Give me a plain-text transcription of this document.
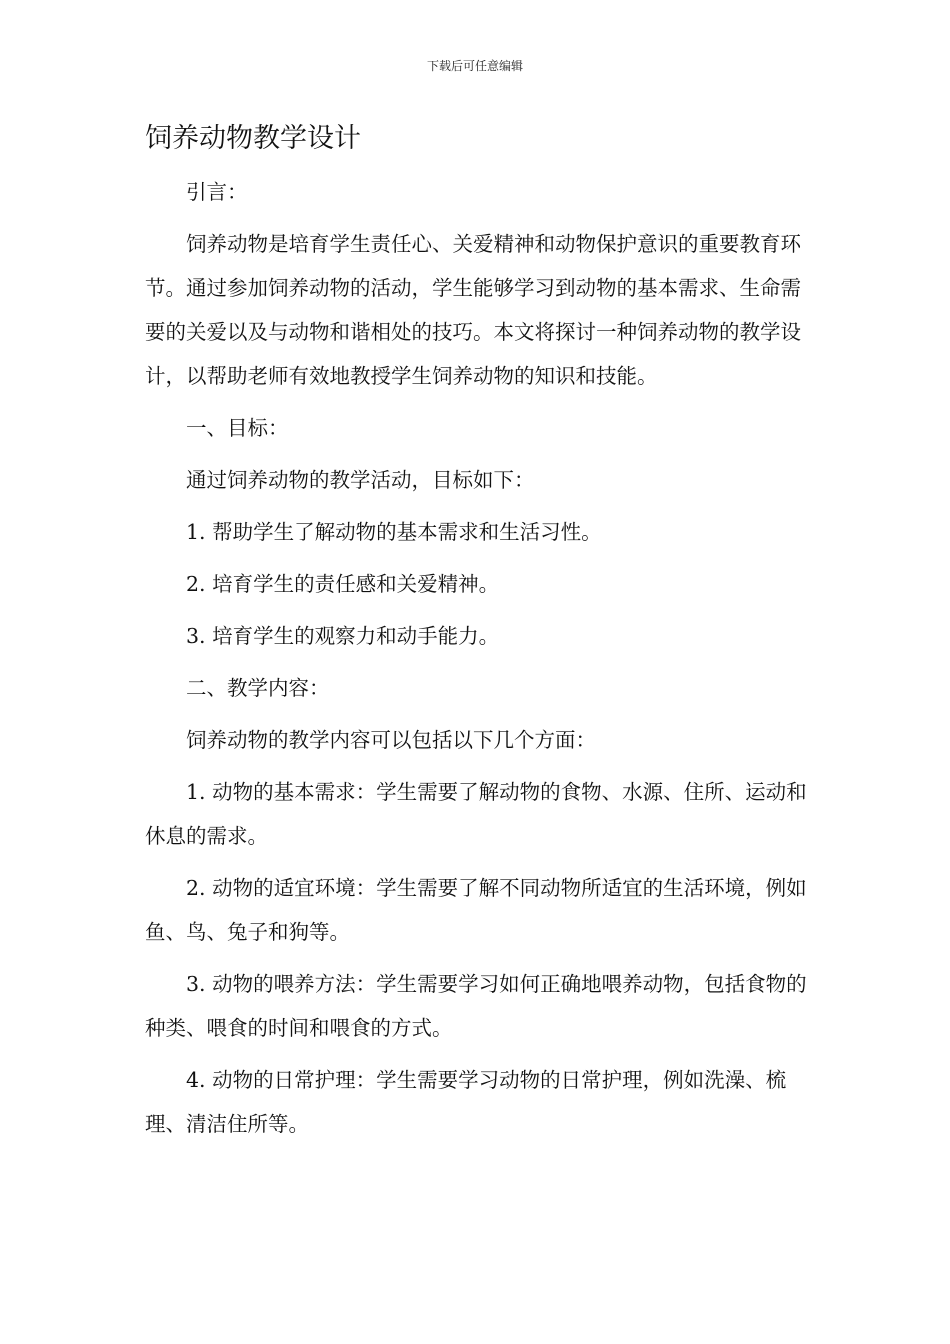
下载后可任意编辑
饲养动物教学设计

引言：

饲养动物是培育学生责任心、关爱精神和动物保护意识的重要教育环节。通过参加饲养动物的活动，学生能够学习到动物的基本需求、生命需要的关爱以及与动物和谐相处的技巧。本文将探讨一种饲养动物的教学设计，以帮助老师有效地教授学生饲养动物的知识和技能。

一、目标：

通过饲养动物的教学活动，目标如下：

1. 帮助学生了解动物的基本需求和生活习性。

2. 培育学生的责任感和关爱精神。

3. 培育学生的观察力和动手能力。

二、教学内容：

饲养动物的教学内容可以包括以下几个方面：

1. 动物的基本需求：学生需要了解动物的食物、水源、住所、运动和休息的需求。

2. 动物的适宜环境：学生需要了解不同动物所适宜的生活环境，例如鱼、鸟、兔子和狗等。

3. 动物的喂养方法：学生需要学习如何正确地喂养动物，包括食物的种类、喂食的时间和喂食的方式。

4. 动物的日常护理：学生需要学习动物的日常护理，例如洗澡、梳理、清洁住所等。
